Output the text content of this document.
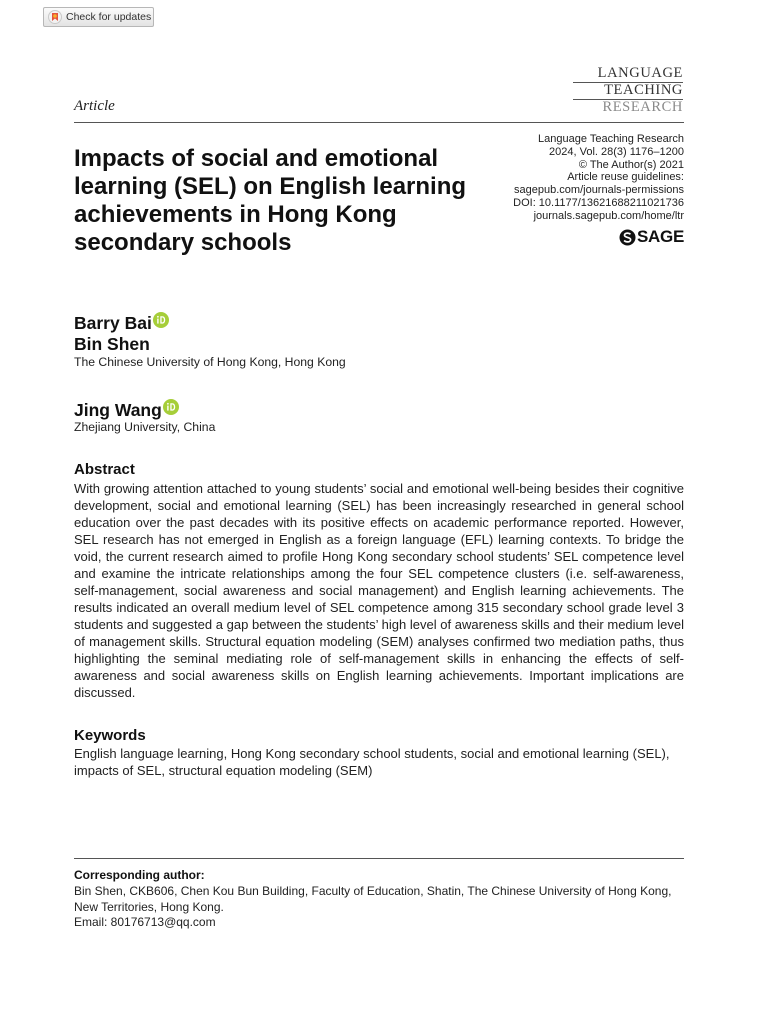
Check for updates
LANGUAGE
TEACHING
RESEARCH
Article
Impacts of social and emotional learning (SEL) on English learning achievements in Hong Kong secondary schools
Language Teaching Research
2024, Vol. 28(3) 1176–1200
© The Author(s) 2021
Article reuse guidelines:
sagepub.com/journals-permissions
DOI: 10.1177/13621688211021736
journals.sagepub.com/home/ltr
SAGE
Barry Bai
Bin Shen
The Chinese University of Hong Kong, Hong Kong
Jing Wang
Zhejiang University, China
Abstract
With growing attention attached to young students’ social and emotional well-being besides their cognitive development, social and emotional learning (SEL) has been increasingly researched in general school education over the past decades with its positive effects on academic performance reported. However, SEL research has not emerged in English as a foreign language (EFL) learning contexts. To bridge the void, the current research aimed to profile Hong Kong secondary school students’ SEL competence level and examine the intricate relationships among the four SEL competence clusters (i.e. self-awareness, self-management, social awareness and social management) and English learning achievements. The results indicated an overall medium level of SEL competence among 315 secondary school grade level 3 students and suggested a gap between the students’ high level of awareness skills and their medium level of management skills. Structural equation modeling (SEM) analyses confirmed two mediation paths, thus highlighting the seminal mediating role of self-management skills in enhancing the effects of self-awareness and social awareness skills on English learning achievements. Important implications are discussed.
Keywords
English language learning, Hong Kong secondary school students, social and emotional learning (SEL), impacts of SEL, structural equation modeling (SEM)
Corresponding author:
Bin Shen, CKB606, Chen Kou Bun Building, Faculty of Education, Shatin, The Chinese University of Hong Kong, New Territories, Hong Kong.
Email: 80176713@qq.com
